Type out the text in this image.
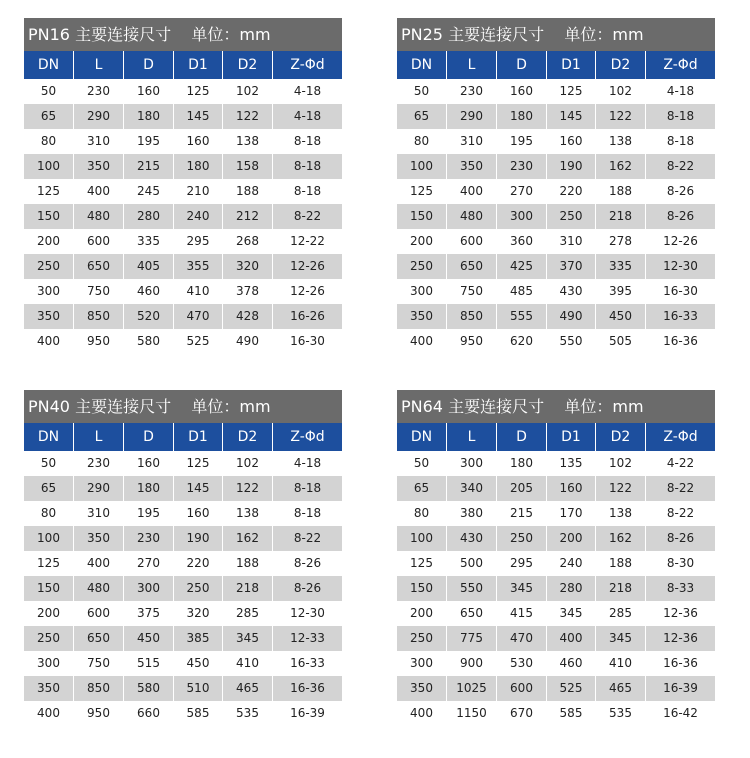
PN16 主要连接尺寸    单位：mm
DN	L	D	D1	D2	Z-Φd
50	230	160	125	102	4-18
65	290	180	145	122	4-18
80	310	195	160	138	8-18
100	350	215	180	158	8-18
125	400	245	210	188	8-18
150	480	280	240	212	8-22
200	600	335	295	268	12-22
250	650	405	355	320	12-26
300	750	460	410	378	12-26
350	850	520	470	428	16-26
400	950	580	525	490	16-30
PN25 主要连接尺寸    单位：mm
DN	L	D	D1	D2	Z-Φd
50	230	160	125	102	4-18
65	290	180	145	122	8-18
80	310	195	160	138	8-18
100	350	230	190	162	8-22
125	400	270	220	188	8-26
150	480	300	250	218	8-26
200	600	360	310	278	12-26
250	650	425	370	335	12-30
300	750	485	430	395	16-30
350	850	555	490	450	16-33
400	950	620	550	505	16-36
PN40 主要连接尺寸    单位：mm
DN	L	D	D1	D2	Z-Φd
50	230	160	125	102	4-18
65	290	180	145	122	8-18
80	310	195	160	138	8-18
100	350	230	190	162	8-22
125	400	270	220	188	8-26
150	480	300	250	218	8-26
200	600	375	320	285	12-30
250	650	450	385	345	12-33
300	750	515	450	410	16-33
350	850	580	510	465	16-36
400	950	660	585	535	16-39
PN64 主要连接尺寸    单位：mm
DN	L	D	D1	D2	Z-Φd
50	300	180	135	102	4-22
65	340	205	160	122	8-22
80	380	215	170	138	8-22
100	430	250	200	162	8-26
125	500	295	240	188	8-30
150	550	345	280	218	8-33
200	650	415	345	285	12-36
250	775	470	400	345	12-36
300	900	530	460	410	16-36
350	1025	600	525	465	16-39
400	1150	670	585	535	16-42
